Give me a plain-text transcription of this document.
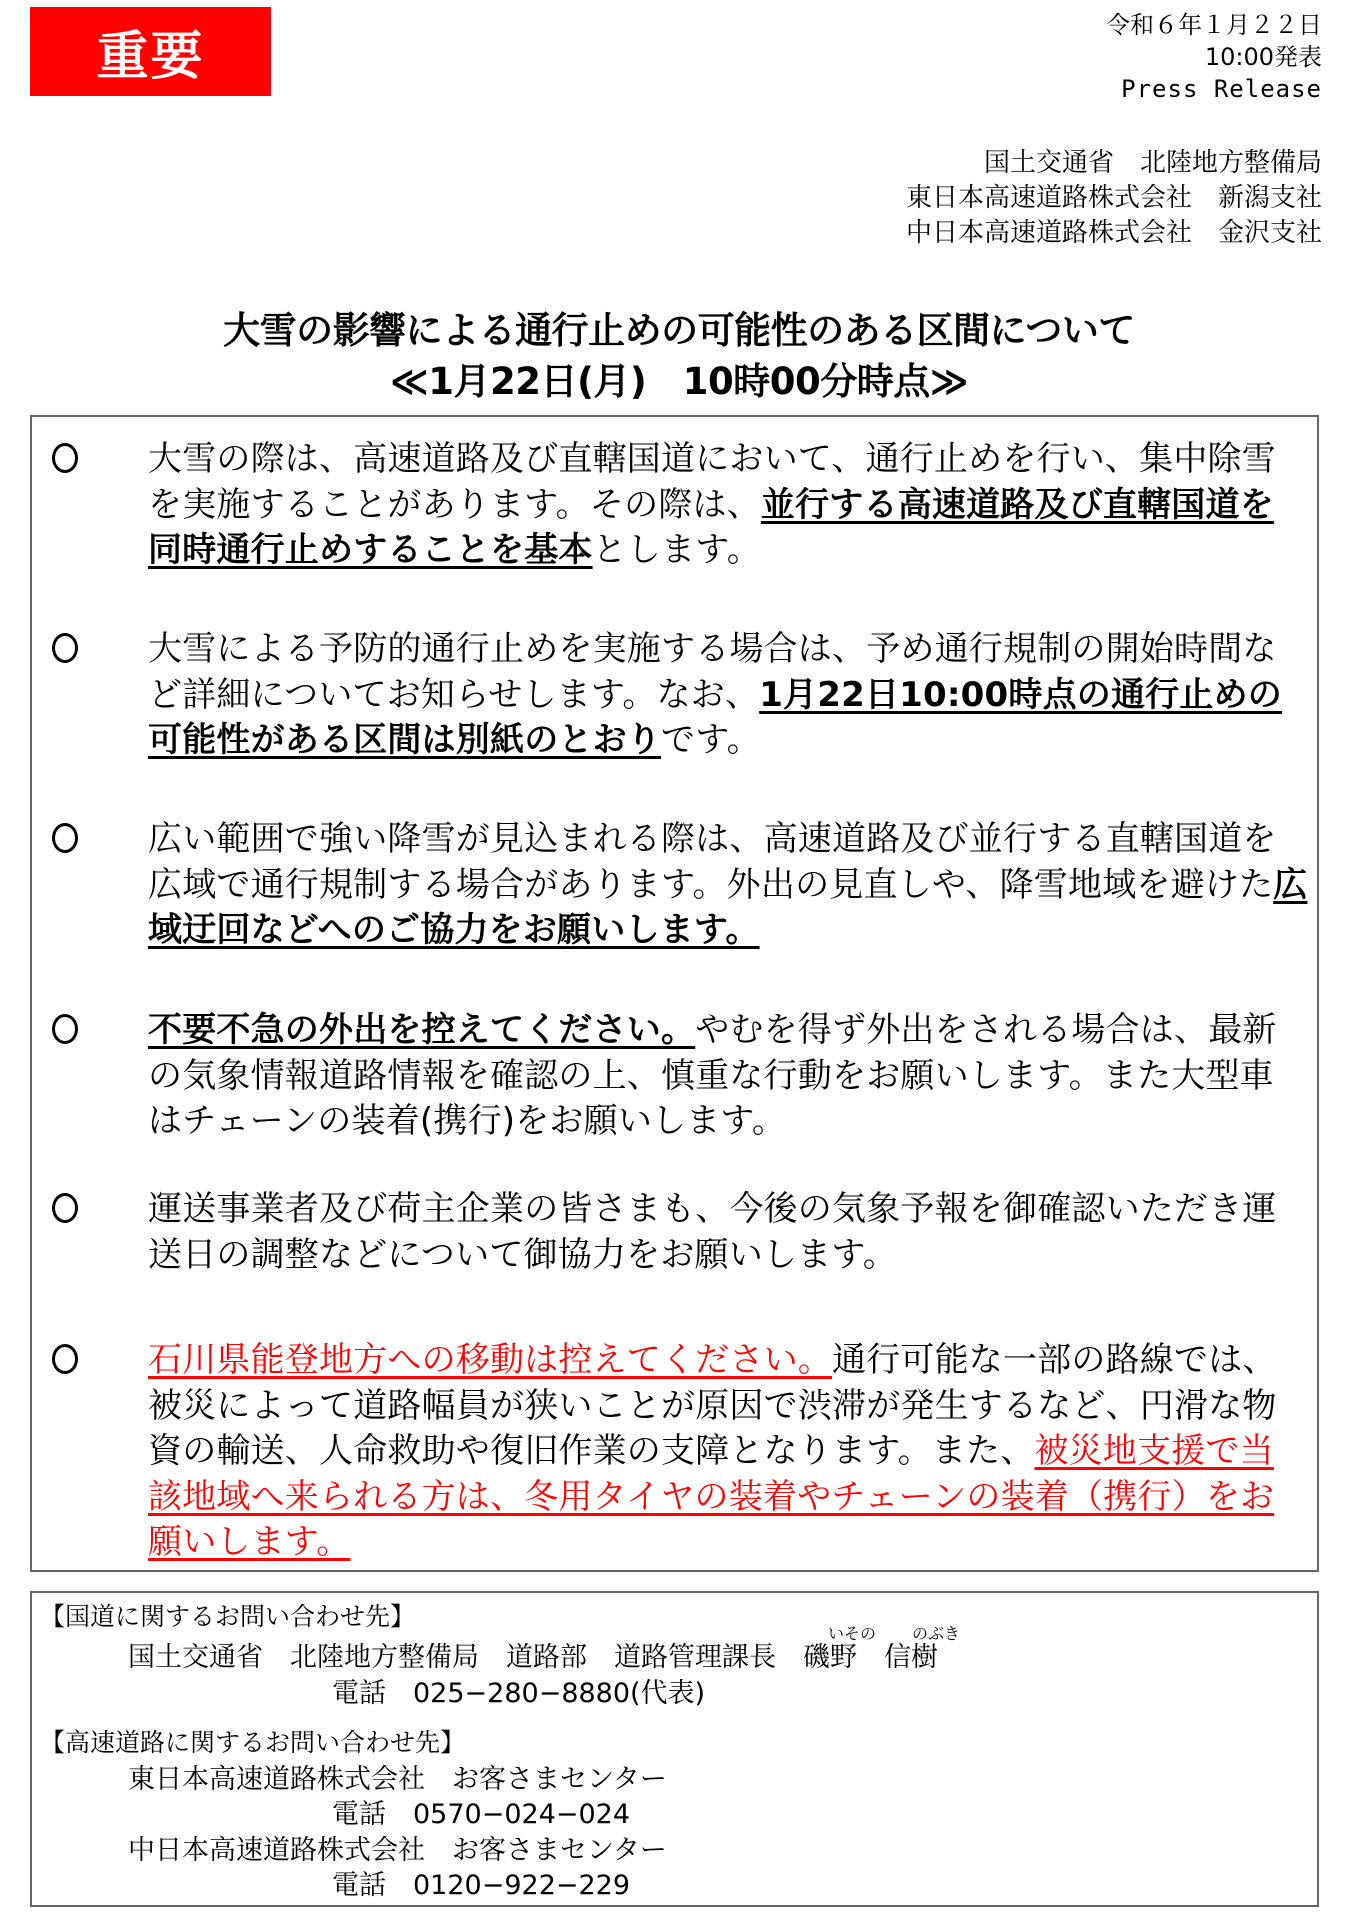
重要
令和６年１月２２日
10:00発表
Press Release
国土交通省　北陸地方整備局
東日本高速道路株式会社　新潟支社
中日本高速道路株式会社　金沢支社
大雪の影響による通行止めの可能性のある区間について
≪1月22日(月)　10時00分時点≫
大雪の際は、高速道路及び直轄国道において、通行止めを行い、集中除雪を実施することがあります。その際は、並行する高速道路及び直轄国道を同時通行止めすることを基本とします。
大雪による予防的通行止めを実施する場合は、予め通行規制の開始時間など詳細についてお知らせします。なお、1月22日10:00時点の通行止めの可能性がある区間は別紙のとおりです。
広い範囲で強い降雪が見込まれる際は、高速道路及び並行する直轄国道を広域で通行規制する場合があります。外出の見直しや、降雪地域を避けた広域迂回などへのご協力をお願いします。
不要不急の外出を控えてください。やむを得ず外出をされる場合は、最新の気象情報道路情報を確認の上、慎重な行動をお願いします。また大型車はチェーンの装着(携行)をお願いします。
運送事業者及び荷主企業の皆さまも、今後の気象予報を御確認いただき運送日の調整などについて御協力をお願いします。
石川県能登地方への移動は控えてください。通行可能な一部の路線では、被災によって道路幅員が狭いことが原因で渋滞が発生するなど、円滑な物資の輸送、人命救助や復旧作業の支障となります。また、被災地支援で当該地域へ来られる方は、冬用タイヤの装着やチェーンの装着（携行）をお願いします。
【国道に関するお問い合わせ先】
いその のぶき
国土交通省　北陸地方整備局　道路部　道路管理課長　 磯野　 信樹
電話　025−280−8880(代表)
【高速道路に関するお問い合わせ先】
東日本高速道路株式会社　お客さまセンター
電話　0570−024−024
中日本高速道路株式会社　お客さまセンター
電話　0120−922−229
